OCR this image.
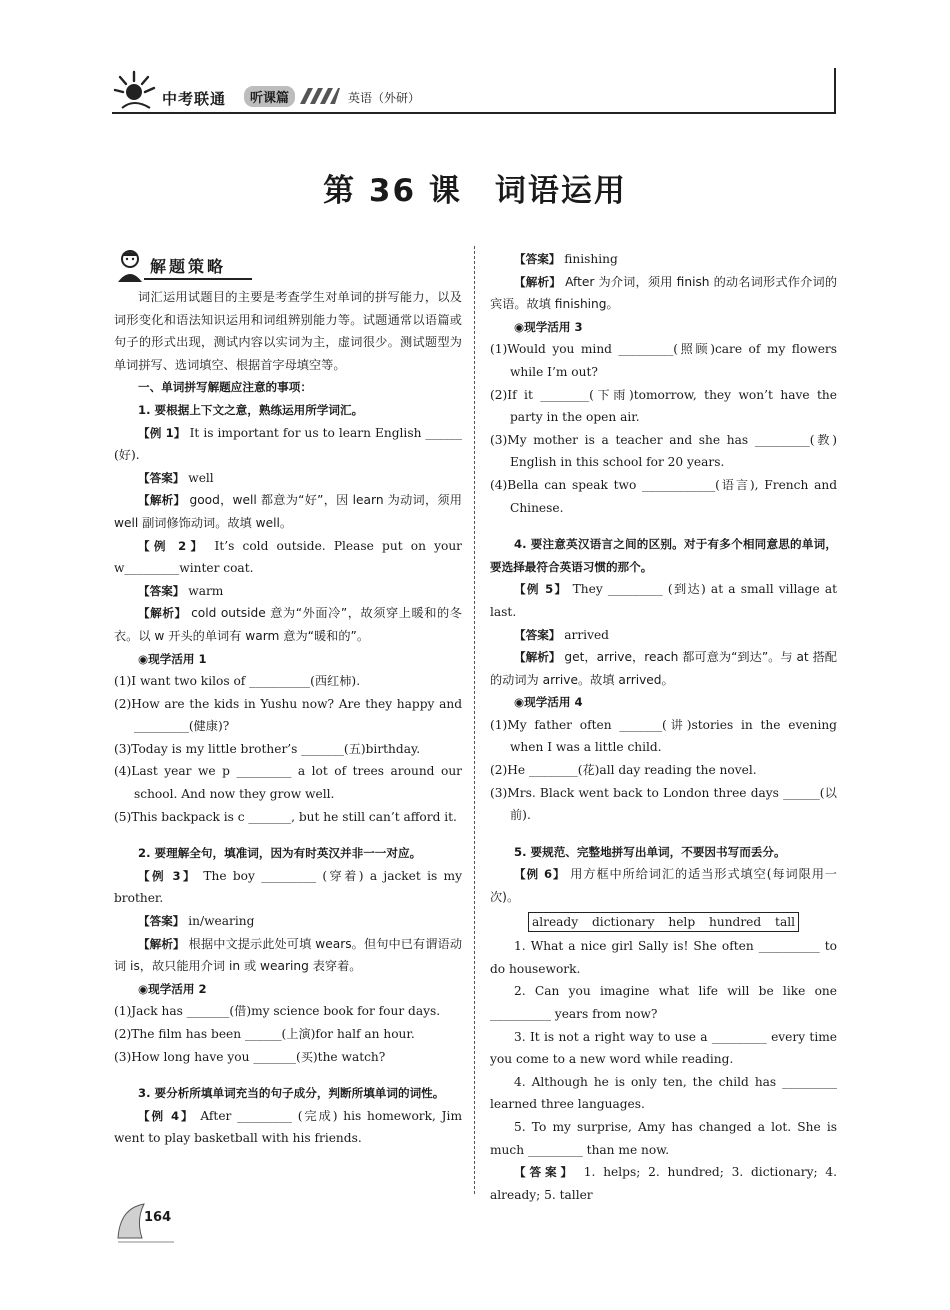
中考联通	听课篇	英语（外研）
第 36 课　词语运用
解题策略

词汇运用试题目的主要是考查学生对单词的拼写能力，以及词形变化和语法知识运用和词组辨别能力等。试题通常以语篇或句子的形式出现，测试内容以实词为主，虚词很少。测试题型为单词拼写、选词填空、根据首字母填空等。

一、单词拼写解题应注意的事项：

1. 要根据上下文之意，熟练运用所学词汇。

【例 1】 It is important for us to learn English ______ (好).

【答案】 well

【解析】 good，well 都意为“好”，因 learn 为动词，须用 well 副词修饰动词。故填 well。

【例 2】 It’s cold outside. Please put on your w_________winter coat.

【答案】 warm

【解析】 cold outside 意为“外面冷”，故须穿上暖和的冬衣。以 w 开头的单词有 warm 意为“暖和的”。

◉现学活用 1

(1)I want two kilos of __________(西红柿).

(2)How are the kids in Yushu now? Are they happy and _________(健康)?

(3)Today is my little brother’s _______(五)birthday.

(4)Last year we p _________ a lot of trees around our school. And now they grow well.

(5)This backpack is c _______, but he still can’t afford it.

2. 要理解全句，填准词，因为有时英汉并非一一对应。

【例 3】 The boy _________ (穿着) a jacket is my brother.

【答案】 in/wearing

【解析】 根据中文提示此处可填 wears。但句中已有谓语动词 is，故只能用介词 in 或 wearing 表穿着。

◉现学活用 2

(1)Jack has _______(借)my science book for four days.

(2)The film has been ______(上演)for half an hour.

(3)How long have you _______(买)the watch?

3. 要分析所填单词充当的句子成分，判断所填单词的词性。

【例 4】 After _________ (完成) his homework, Jim went to play basketball with his friends.

【答案】 finishing

【解析】 After 为介词，须用 finish 的动名词形式作介词的宾语。故填 finishing。

◉现学活用 3

(1)Would you mind _________(照顾)care of my flowers while I’m out?

(2)If it ________(下雨)tomorrow, they won’t have the party in the open air.

(3)My mother is a teacher and she has _________(教) English in this school for 20 years.

(4)Bella can speak two ____________(语言), French and Chinese.

4. 要注意英汉语言之间的区别。对于有多个相同意思的单词，要选择最符合英语习惯的那个。

【例 5】 They _________ (到达) at a small village at last.

【答案】 arrived

【解析】 get，arrive，reach 都可意为“到达”。与 at 搭配的动词为 arrive。故填 arrived。

◉现学活用 4

(1)My father often _______(讲)stories in the evening when I was a little child.

(2)He ________(花)all day reading the novel.

(3)Mrs. Black went back to London three days ______(以前).

5. 要规范、完整地拼写出单词，不要因书写而丢分。

【例 6】 用方框中所给词汇的适当形式填空(每词限用一次)。

already dictionary help hundred tall

1. What a nice girl Sally is! She often __________ to do housework.

2. Can you imagine what life will be like one __________ years from now?

3. It is not a right way to use a _________ every time you come to a new word while reading.

4. Although he is only ten, the child has _________ learned three languages.

5. To my surprise, Amy has changed a lot. She is much _________ than me now.

【答案】 1. helps; 2. hundred; 3. dictionary; 4. already; 5. taller

164
